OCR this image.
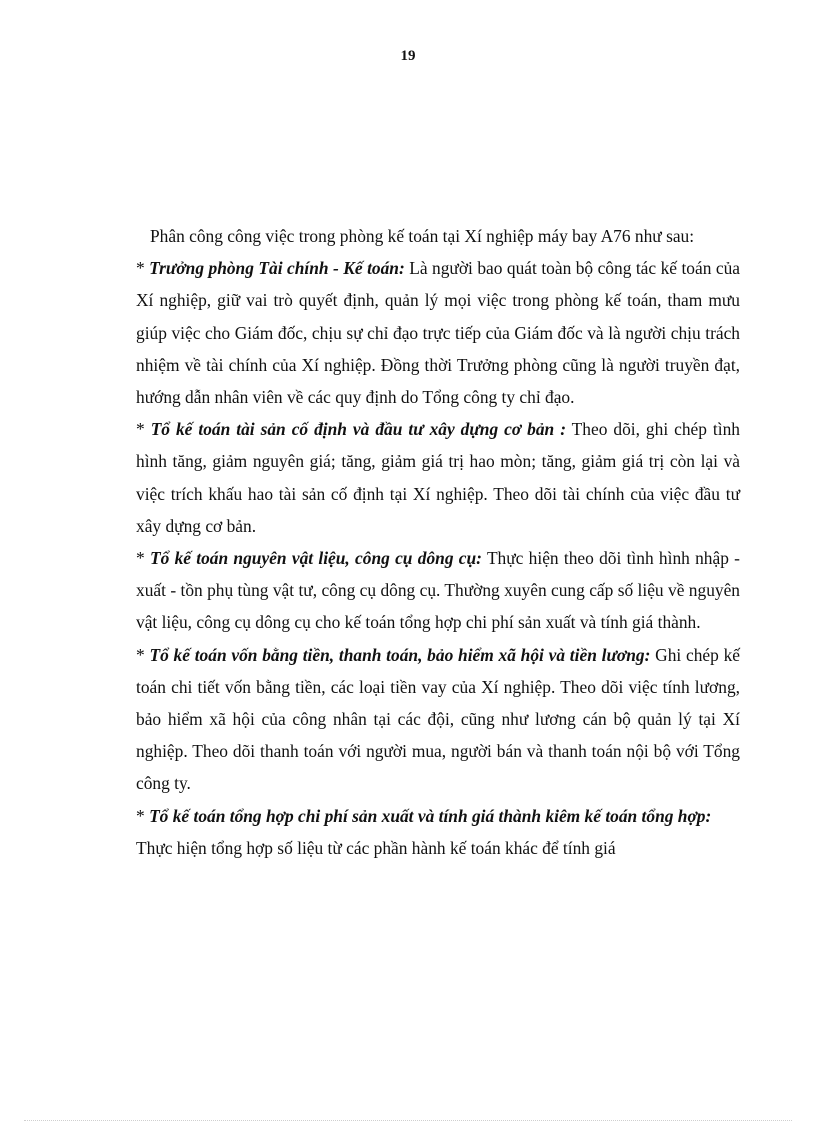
19

Phân công công việc trong phòng kế toán tại Xí nghiệp máy bay A76 như sau:

* Trưởng phòng Tài chính - Kế toán: Là người bao quát toàn bộ công tác kế toán của Xí nghiệp, giữ vai trò quyết định, quản lý mọi việc trong phòng kế toán, tham mưu giúp việc cho Giám đốc, chịu sự chỉ đạo trực tiếp của Giám đốc và là người chịu trách nhiệm về tài chính của Xí nghiệp. Đồng thời Trưởng phòng cũng là người truyền đạt, hướng dẫn nhân viên về các quy định do Tổng công ty chỉ đạo.

* Tổ kế toán tài sản cố định và đầu tư xây dựng cơ bản : Theo dõi, ghi chép tình hình tăng, giảm nguyên giá; tăng, giảm giá trị hao mòn; tăng, giảm giá trị còn lại và việc trích khấu hao tài sản cố định tại Xí nghiệp. Theo dõi tài chính của việc đầu tư xây dựng cơ bản.

* Tổ kế toán nguyên vật liệu, công cụ dông cụ: Thực hiện theo dõi tình hình nhập - xuất - tồn phụ tùng vật tư, công cụ dông cụ. Thường xuyên cung cấp số liệu về nguyên vật liệu, công cụ dông cụ cho kế toán tổng hợp chi phí sản xuất và tính giá thành.

* Tổ kế toán vốn bằng tiền, thanh toán, bảo hiểm xã hội và tiền lương: Ghi chép kế toán chi tiết vốn bằng tiền, các loại tiền vay của Xí nghiệp. Theo dõi việc tính lương, bảo hiểm xã hội của công nhân tại các đội, cũng như lương cán bộ quản lý tại Xí nghiệp. Theo dõi thanh toán với người mua, người bán và thanh toán nội bộ với Tổng công ty.

* Tổ kế toán tổng hợp chi phí sản xuất và tính giá thành kiêm kế toán tổng hợp: Thực hiện tổng hợp số liệu từ các phần hành kế toán khác để tính giá
